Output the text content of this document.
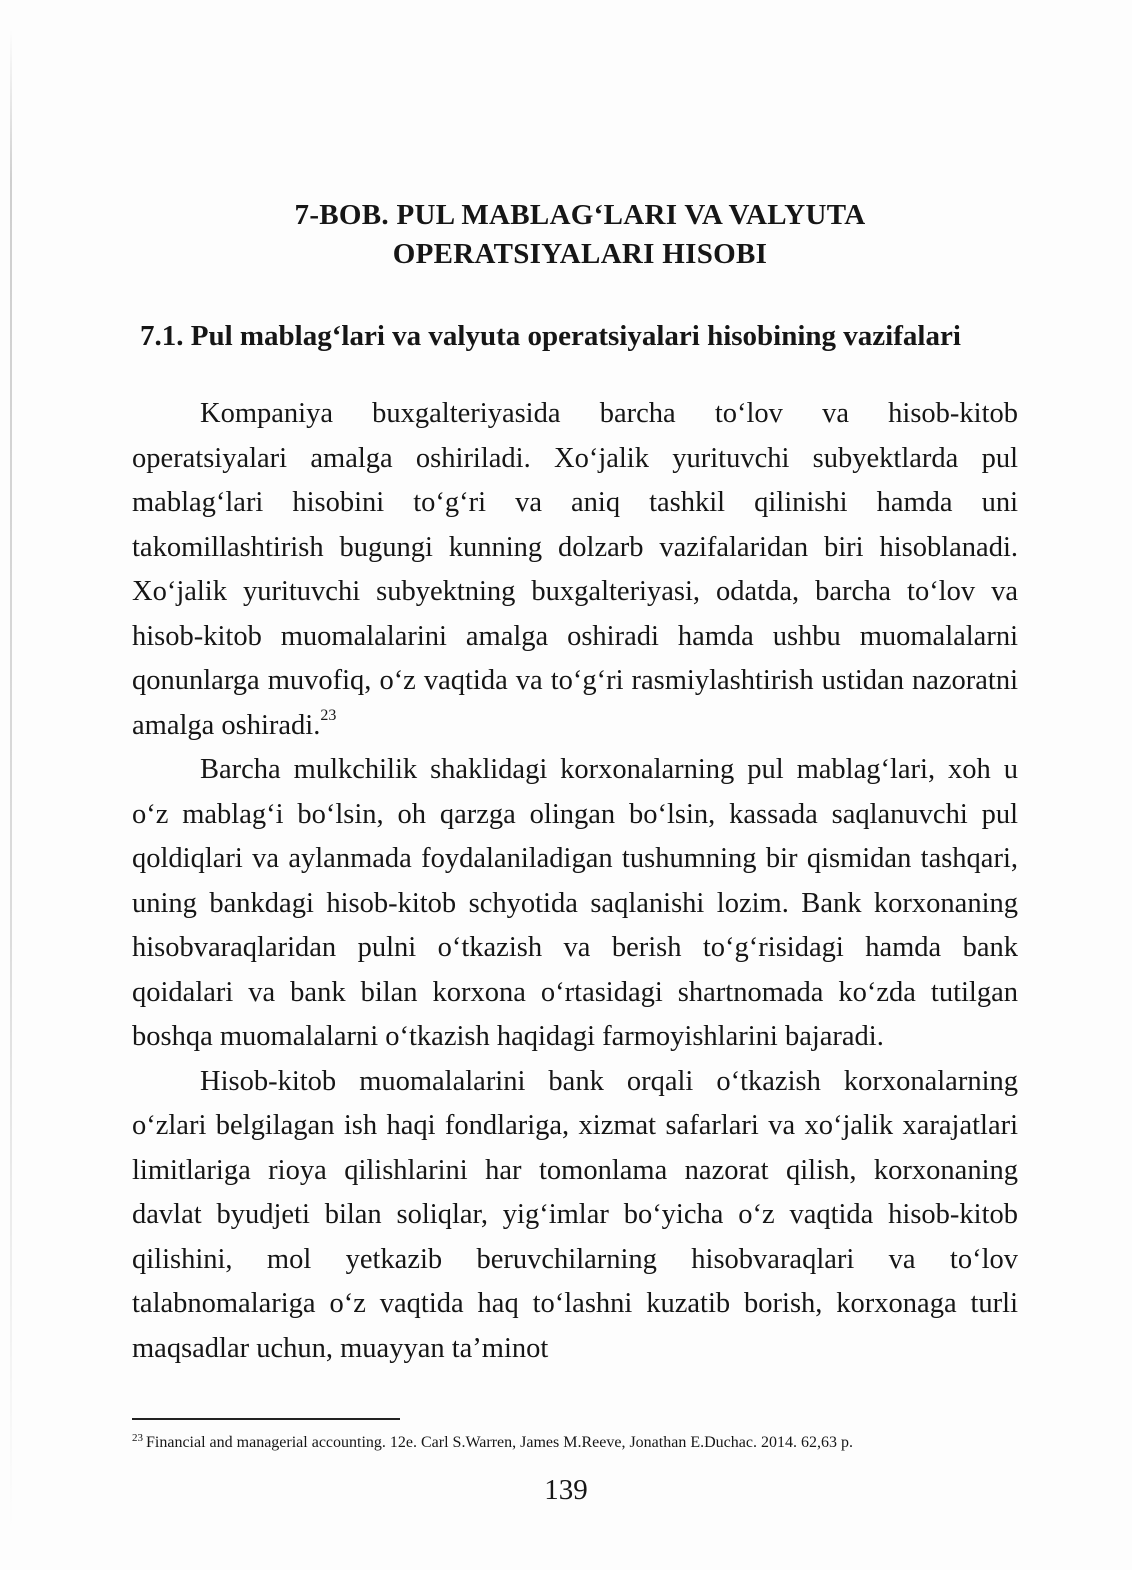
7-BOB. PUL MABLAG‘LARI VA VALYUTA
OPERATSIYALARI HISOBI
7.1. Pul mablag‘lari va valyuta operatsiyalari hisobining vazifalari

Kompaniya buxgalteriyasida barcha to‘lov va hisob-kitob operatsiyalari amalga oshiriladi. Xo‘jalik yurituvchi subyektlarda pul mablag‘lari hisobini to‘g‘ri va aniq tashkil qilinishi hamda uni takomillashtirish bugungi kunning dolzarb vazifalaridan biri hisoblanadi. Xo‘jalik yurituvchi subyektning buxgalteriyasi, odatda, barcha to‘lov va hisob-kitob muomalalarini amalga oshiradi hamda ushbu muomalalarni qonunlarga muvofiq, o‘z vaqtida va to‘g‘ri rasmiylashtirish ustidan nazoratni amalga oshiradi.$^{23}$

Barcha mulkchilik shaklidagi korxonalarning pul mablag‘lari, xoh u o‘z mablag‘i bo‘lsin, oh qarzga olingan bo‘lsin, kassada saqlanuvchi pul qoldiqlari va aylanmada foydalaniladigan tushumning bir qismidan tashqari, uning bankdagi hisob-kitob schyotida saqlanishi lozim. Bank korxonaning hisobvaraqlaridan pulni o‘tkazish va berish to‘g‘risidagi hamda bank qoidalari va bank bilan korxona o‘rtasidagi shartnomada ko‘zda tutilgan boshqa muomalalarni o‘tkazish haqidagi farmoyishlarini bajaradi.

Hisob-kitob muomalalarini bank orqali o‘tkazish korxonalarning o‘zlari belgilagan ish haqi fondlariga, xizmat safarlari va xo‘jalik xarajatlari limitlariga rioya qilishlarini har tomonlama nazorat qilish, korxonaning davlat byudjeti bilan soliqlar, yig‘imlar bo‘yicha o‘z vaqtida hisob-kitob qilishini, mol yetkazib beruvchilarning hisobvaraqlari va to‘lov talabnomalariga o‘z vaqtida haq to‘lashni kuzatib borish, korxonaga turli maqsadlar uchun, muayyan ta’minot

$^{23}$ Financial and managerial accounting. 12e. Carl S.Warren, James M.Reeve, Jonathan E.Duchac. 2014. 62,63 p.
139
